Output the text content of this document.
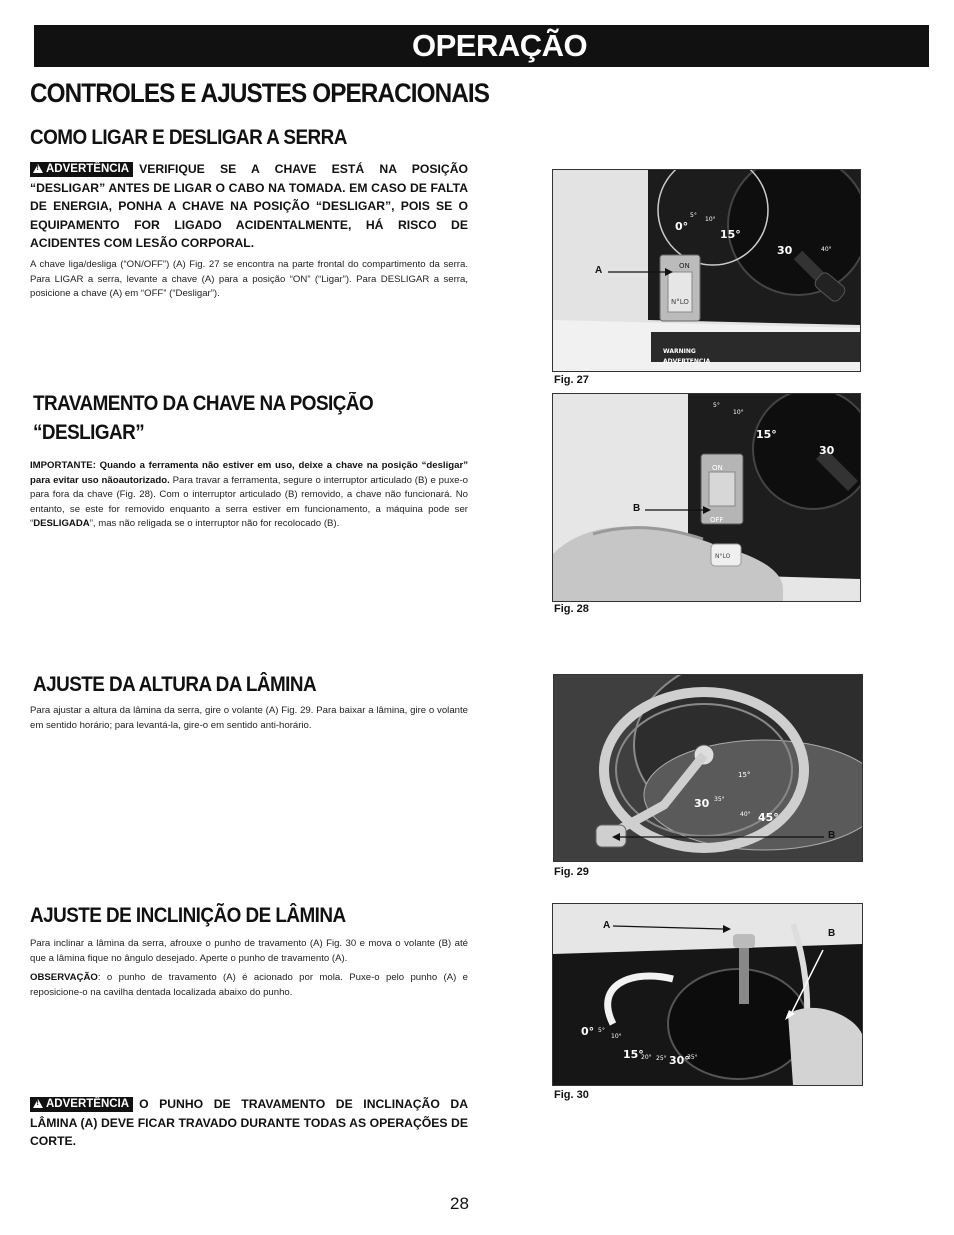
OPERAÇÃO
CONTROLES E AJUSTES OPERACIONAIS
COMO LIGAR E DESLIGAR A SERRA
!ADVERTÊNCIA VERIFIQUE SE A CHAVE ESTÁ NA POSIÇÃO “DESLIGAR” ANTES DE LIGAR O CABO NA TOMADA. EM CASO DE FALTA DE ENERGIA, PONHA A CHAVE NA POSIÇÃO “DESLIGAR”, POIS SE O EQUIPAMENTO FOR LIGADO ACIDENTALMENTE, HÁ RISCO DE ACIDENTES COM LESÃO CORPORAL.
A chave liga/desliga (“ON/OFF”) (A) Fig. 27 se encontra na parte frontal do compartimento da serra. Para LIGAR a serra, levante a chave (A) para a posição “ON” (“Ligar”). Para DESLIGAR a serra, posicione a chave (A) em “OFF” (“Desligar”).
TRAVAMENTO DA CHAVE NA POSIÇÃO
“DESLIGAR”
IMPORTANTE: Quando a ferramenta não estiver em uso, deixe a chave na posição “desligar” para evitar uso nãoautorizado. Para travar a ferramenta, segure o interruptor articulado (B) e puxe-o para fora da chave (Fig. 28). Com o interruptor articulado (B) removido, a chave não funcionará. No entanto, se este for removido enquanto a serra estiver em funcionamento, a máquina pode ser “DESLIGADA”, mas não religada se o interruptor não for recolocado (B).
AJUSTE DA ALTURA DA LÂMINA
Para ajustar a altura da lâmina da serra, gire o volante (A) Fig. 29. Para baixar a lâmina, gire o volante em sentido horário; para levantá-la, gire-o em sentido anti-horário.
AJUSTE DE INCLINIÇÃO DE LÂMINA
Para inclinar a lâmina da serra, afrouxe o punho de travamento (A) Fig. 30 e mova o volante (B) até que a lâmina fique no ângulo desejado. Aperte o punho de travamento (A).
OBSERVAÇÃO: o punho de travamento (A) é acionado por mola. Puxe-o pelo punho (A) e reposicione-o na cavilha dentada localizada abaixo do punho.
!ADVERTÊNCIA O PUNHO DE TRAVAMENTO DE INCLINAÇÃO DA LÂMINA (A) DEVE FICAR TRAVADO DURANTE TODAS AS OPERAÇÕES DE CORTE.
0°
5°
10°
15°
30	40°
ON
N°LO
WARNING
ADVERTENCIA
A
Fig. 27
5°
10°
15°
30
ON
OFF
N°LO
B
Fig. 28
15°
30 35°
40° 45°
B
Fig. 29
0° 5°
10°
15°
20° 25° 30°
35°
A
B
Fig. 30
28
